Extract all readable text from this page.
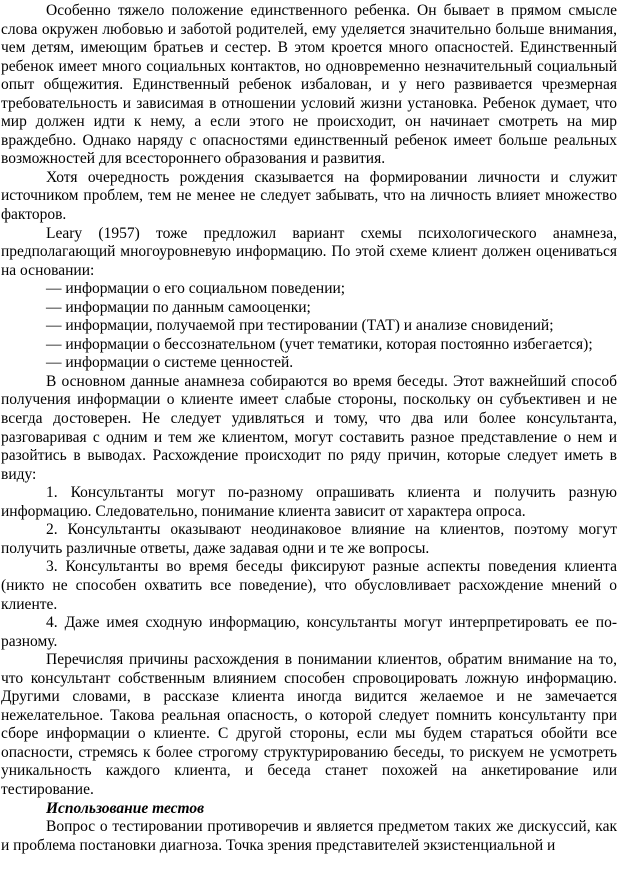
Особенно тяжело положение единственного ребенка. Он бывает в прямом смысле слова окружен любовью и заботой родителей, ему уделяется значительно больше внимания, чем детям, имеющим братьев и сестер. В этом кроется много опасностей. Единственный ребенок имеет много социальных контактов, но одновременно незначительный социальный опыт общежития. Единственный ребенок избалован, и у него развивается чрезмерная требовательность и зависимая в отношении условий жизни установка. Ребенок думает, что мир должен идти к нему, а если этого не происходит, он начинает смотреть на мир враждебно. Однако наряду с опасностями единственный ребенок имеет больше реальных возможностей для всестороннего образования и развития.

Хотя очередность рождения сказывается на формировании личности и служит источником проблем, тем не менее не следует забывать, что на личность влияет множество факторов.

Leary (1957) тоже предложил вариант схемы психологического анамнеза, предполагающий многоуровневую информацию. По этой схеме клиент должен оцениваться на основании:

— информации о его социальном поведении;

— информации по данным самооценки;

— информации, получаемой при тестировании (ТАТ) и анализе сновидений;

— информации о бессознательном (учет тематики, которая постоянно избегается);

— информации о системе ценностей.

В основном данные анамнеза собираются во время беседы. Этот важнейший способ получения информации о клиенте имеет слабые стороны, поскольку он субъективен и не всегда достоверен. Не следует удивляться и тому, что два или более консультанта, разговаривая с одним и тем же клиентом, могут составить разное представление о нем и разойтись в выводах. Расхождение происходит по ряду причин, которые следует иметь в виду:

1. Консультанты могут по-разному опрашивать клиента и получить разную информацию. Следовательно, понимание клиента зависит от характера опроса.

2. Консультанты оказывают неодинаковое влияние на клиентов, поэтому могут получить различные ответы, даже задавая одни и те же вопросы.

3. Консультанты во время беседы фиксируют разные аспекты поведения клиента (никто не способен охватить все поведение), что обусловливает расхождение мнений о клиенте.

4. Даже имея сходную информацию, консультанты могут интерпретировать ее по-разному.

Перечисляя причины расхождения в понимании клиентов, обратим внимание на то, что консультант собственным влиянием способен спровоцировать ложную информацию. Другими словами, в рассказе клиента иногда видится желаемое и не замечается нежелательное. Такова реальная опасность, о которой следует помнить консультанту при сборе информации о клиенте. С другой стороны, если мы будем стараться обойти все опасности, стремясь к более строгому структурированию беседы, то рискуем не усмотреть уникальность каждого клиента, и беседа станет похожей на анкетирование или тестирование.

Использование тестов

Вопрос о тестировании противоречив и является предметом таких же дискуссий, как и проблема постановки диагноза. Точка зрения представителей экзистенциальной и
